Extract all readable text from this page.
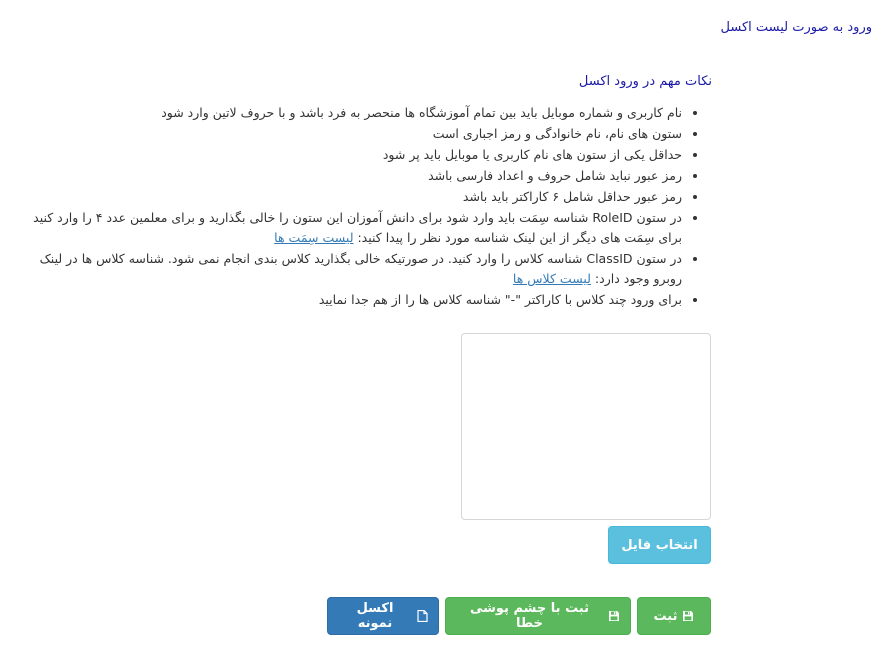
ورود به صورت لیست اکسل
نکات مهم در ورود اکسل
• نام کاربری و شماره موبایل باید بین تمام آموزشگاه ها منحصر به فرد باشد و با حروف لاتین وارد شود
• ستون های نام، نام خانوادگی و رمز اجباری است
• حداقل یکی از ستون های نام کاربری یا موبایل باید پر شود
• رمز عبور نباید شامل حروف و اعداد فارسی باشد
• رمز عبور حداقل شامل ۶ کاراکتر باید باشد
• در ستون RoleID شناسه سِمَت باید وارد شود برای دانش آموزان این ستون را خالی بگذارید و برای معلمین عدد ۴ را وارد کنید برای سِمَت های دیگر از این لینک شناسه مورد نظر را پیدا کنید: لیست سِمَت ها
• در ستون ClassID شناسه کلاس را وارد کنید. در صورتیکه خالی بگذارید کلاس بندی انجام نمی شود. شناسه کلاس ها در لینک روبرو وجود دارد: لیست کلاس ها
• برای ورود چند کلاس با کاراکتر "-" شناسه کلاس ها را از هم جدا نمایید
انتخاب فایل
ثبت
ثبت با چشم پوشی خطا
اکسل نمونه
